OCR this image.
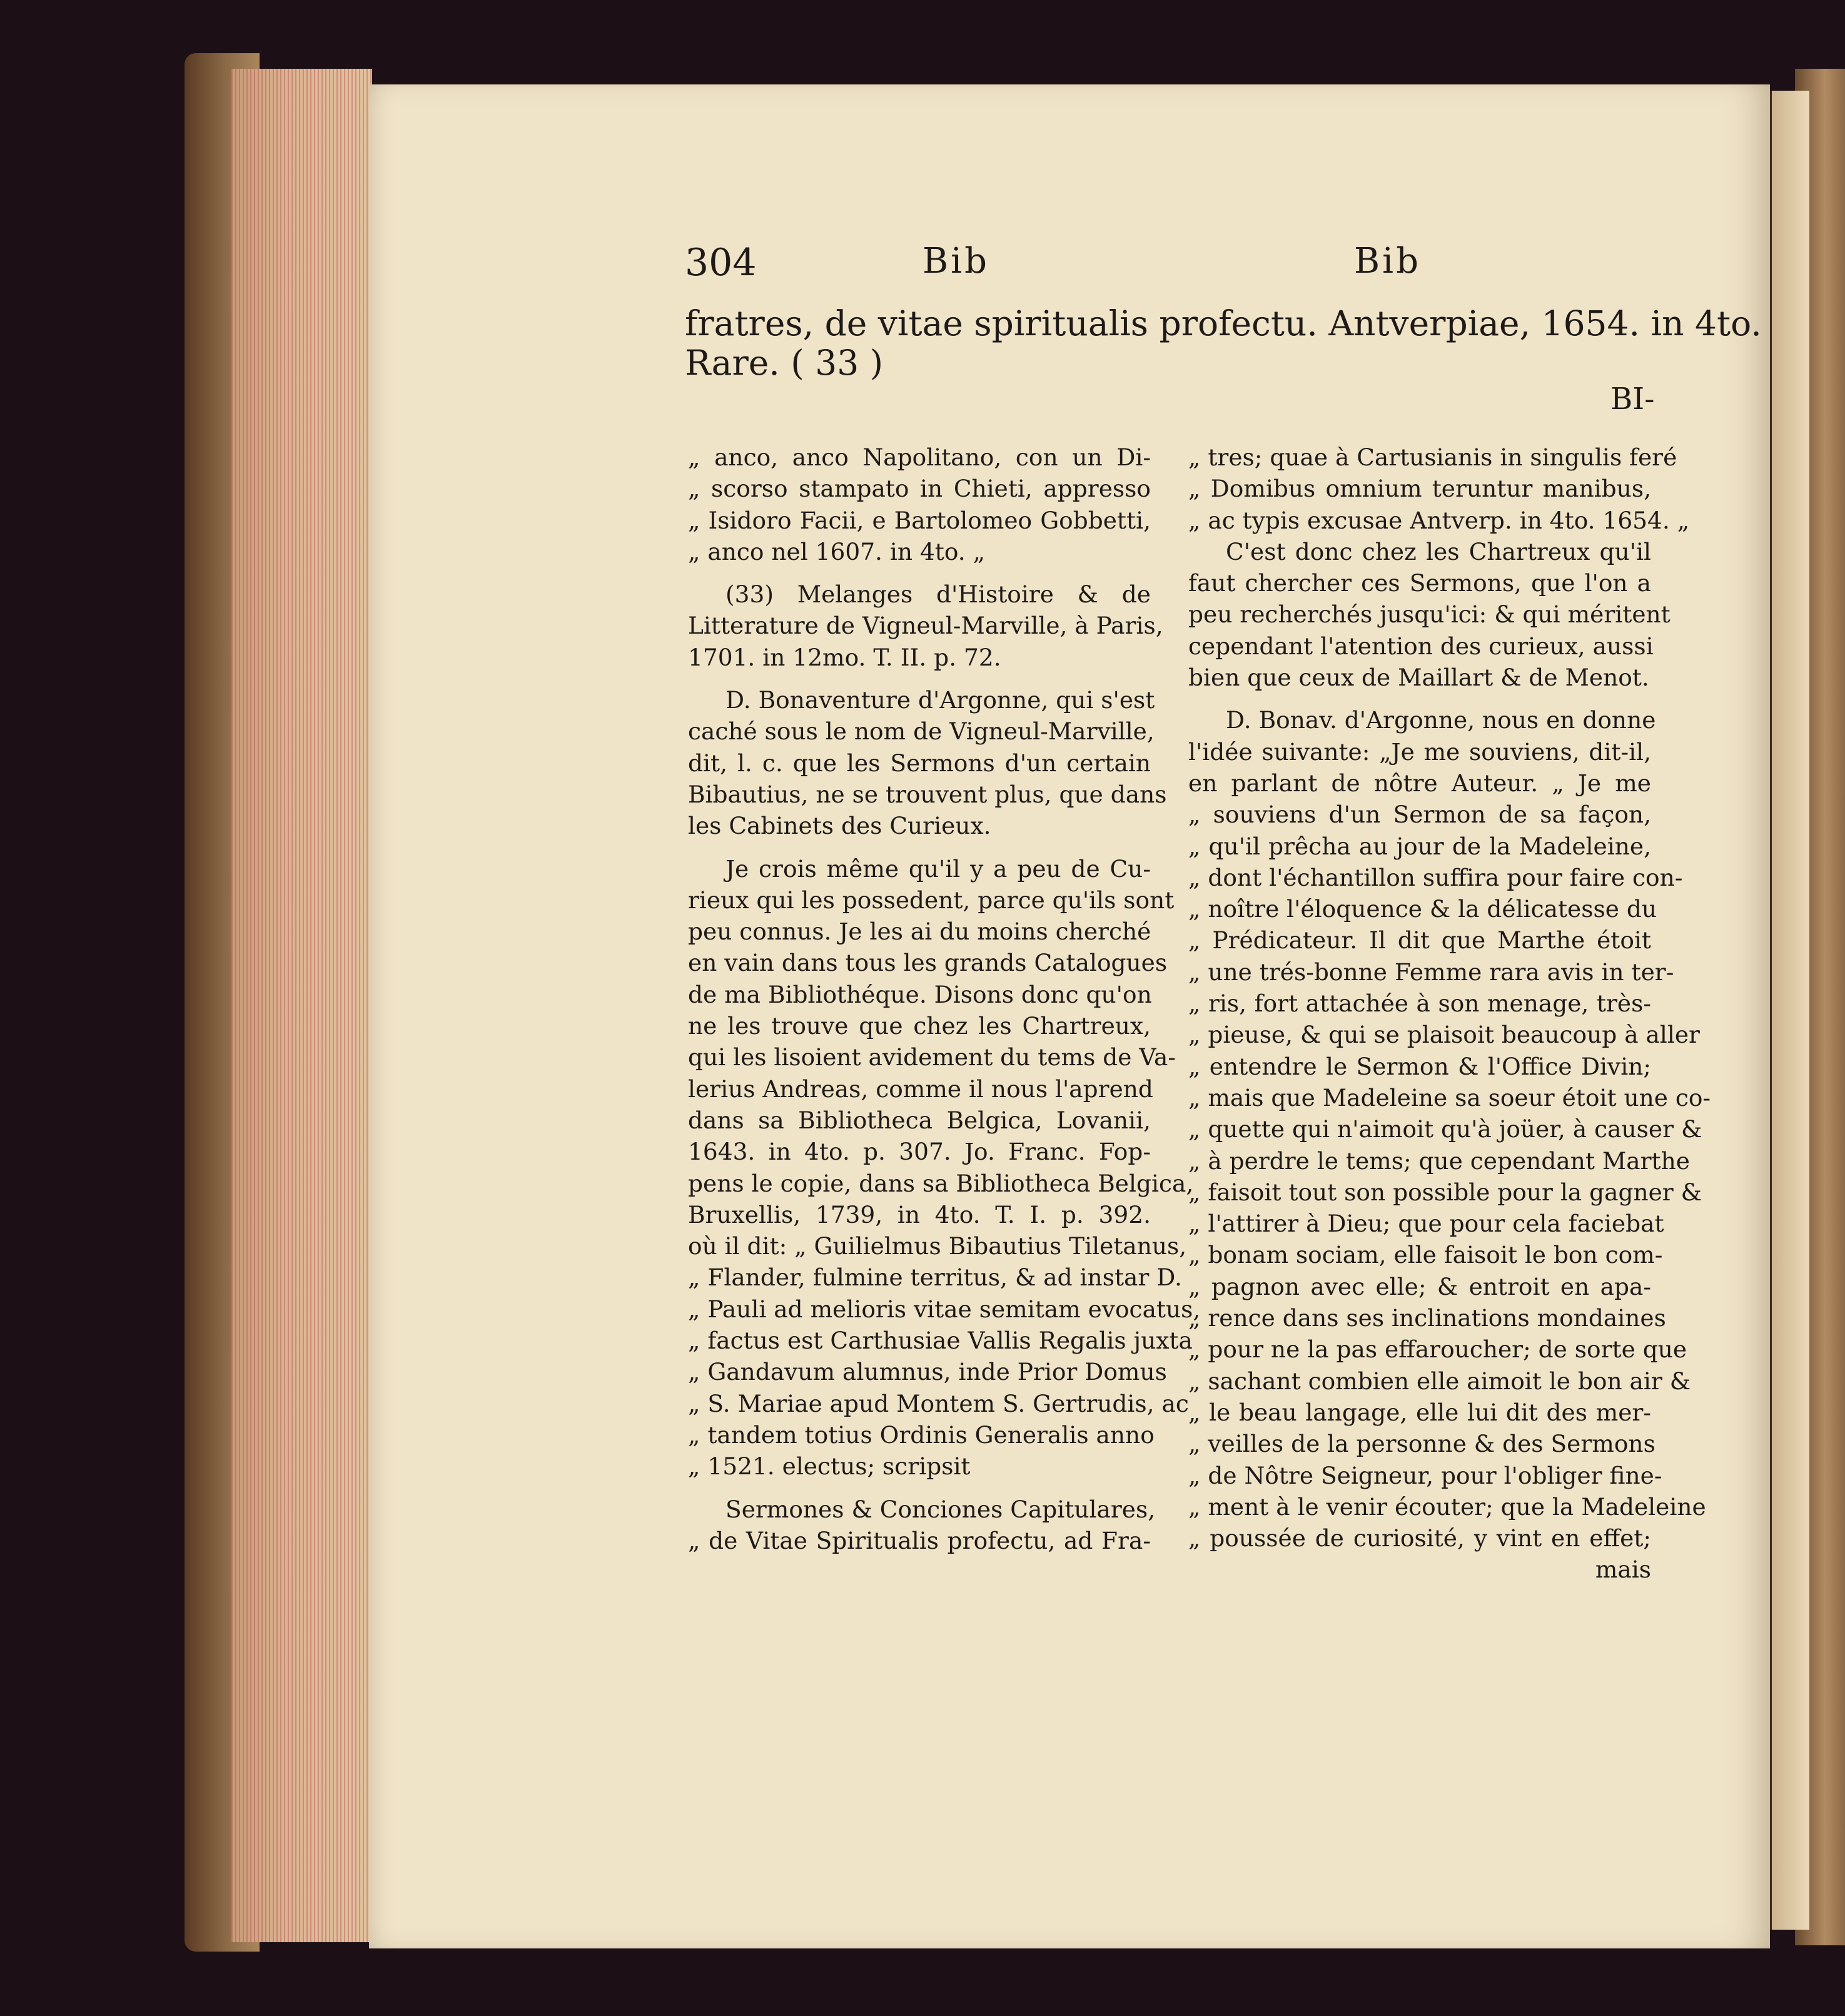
304	Bib	Bib

fratres, de vitae spiritualis profectu. Antverpiae, 1654. in 4to.

Rare. ( 33 )

BI-

„ anco, anco Napolitano, con un Di-

„ scorso stampato in Chieti, appresso

„ Isidoro Facii, e Bartolomeo Gobbetti,

„ anco nel 1607. in 4to. „

(33) Melanges d'Histoire & de

Litterature de Vigneul-Marville, à Paris,

1701. in 12mo. T. II. p. 72.

D. Bonaventure d'Argonne, qui s'est

caché sous le nom de Vigneul-Marville,

dit, l. c. que les Sermons d'un certain

Bibautius, ne se trouvent plus, que dans

les Cabinets des Curieux.

Je crois même qu'il y a peu de Cu-

rieux qui les possedent, parce qu'ils sont

peu connus. Je les ai du moins cherché

en vain dans tous les grands Catalogues

de ma Bibliothéque. Disons donc qu'on

ne les trouve que chez les Chartreux,

qui les lisoient avidement du tems de Va-

lerius Andreas, comme il nous l'aprend

dans sa Bibliotheca Belgica, Lovanii,

1643. in 4to. p. 307. Jo. Franc. Fop-

pens le copie, dans sa Bibliotheca Belgica,

Bruxellis, 1739, in 4to. T. I. p. 392.

où il dit: „ Guilielmus Bibautius Tiletanus,

„ Flander, fulmine territus, & ad instar D.

„ Pauli ad melioris vitae semitam evocatus,

„ factus est Carthusiae Vallis Regalis juxta

„ Gandavum alumnus, inde Prior Domus

„ S. Mariae apud Montem S. Gertrudis, ac

„ tandem totius Ordinis Generalis anno

„ 1521. electus; scripsit

Sermones & Conciones Capitulares,

„ de Vitae Spiritualis profectu, ad Fra-

„ tres; quae à Cartusianis in singulis feré

„ Domibus omnium teruntur manibus,

„ ac typis excusae Antverp. in 4to. 1654. „

C'est donc chez les Chartreux qu'il

faut chercher ces Sermons, que l'on a

peu recherchés jusqu'ici: & qui méritent

cependant l'atention des curieux, aussi

bien que ceux de Maillart & de Menot.

D. Bonav. d'Argonne, nous en donne

l'idée suivante: „Je me souviens, dit-il,

en parlant de nôtre Auteur. „ Je me

„ souviens d'un Sermon de sa façon,

„ qu'il prêcha au jour de la Madeleine,

„ dont l'échantillon suffira pour faire con-

„ noître l'éloquence & la délicatesse du

„ Prédicateur. Il dit que Marthe étoit

„ une trés-bonne Femme rara avis in ter-

„ ris, fort attachée à son menage, très-

„ pieuse, & qui se plaisoit beaucoup à aller

„ entendre le Sermon & l'Office Divin;

„ mais que Madeleine sa soeur étoit une co-

„ quette qui n'aimoit qu'à joüer, à causer &

„ à perdre le tems; que cependant Marthe

„ faisoit tout son possible pour la gagner &

„ l'attirer à Dieu; que pour cela faciebat

„ bonam sociam, elle faisoit le bon com-

„ pagnon avec elle; & entroit en apa-

„ rence dans ses inclinations mondaines

„ pour ne la pas effaroucher; de sorte que

„ sachant combien elle aimoit le bon air &

„ le beau langage, elle lui dit des mer-

„ veilles de la personne & des Sermons

„ de Nôtre Seigneur, pour l'obliger fine-

„ ment à le venir écouter; que la Madeleine

„ poussée de curiosité, y vint en effet;

mais
